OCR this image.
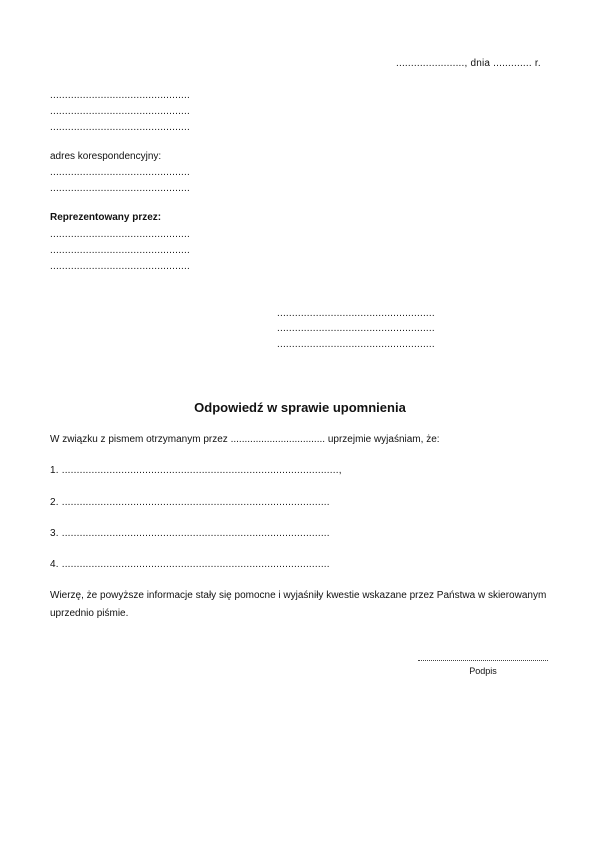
......................., dnia ............. r.
...............................................
...............................................
...............................................
adres korespondencyjny:
...............................................
...............................................
Reprezentowany przez:
...............................................
...............................................
...............................................
.....................................................
.....................................................
.....................................................
Odpowiedź w sprawie upomnienia
W związku z pismem otrzymanym przez .................................. uprzejmie wyjaśniam, że:
1. .............................................................................................,
2. ..........................................................................................
3. ..........................................................................................
4. ..........................................................................................
Wierzę, że powyższe informacje stały się pomocne i wyjaśniły kwestie wskazane przez Państwa w skierowanym uprzednio piśmie.
Podpis
